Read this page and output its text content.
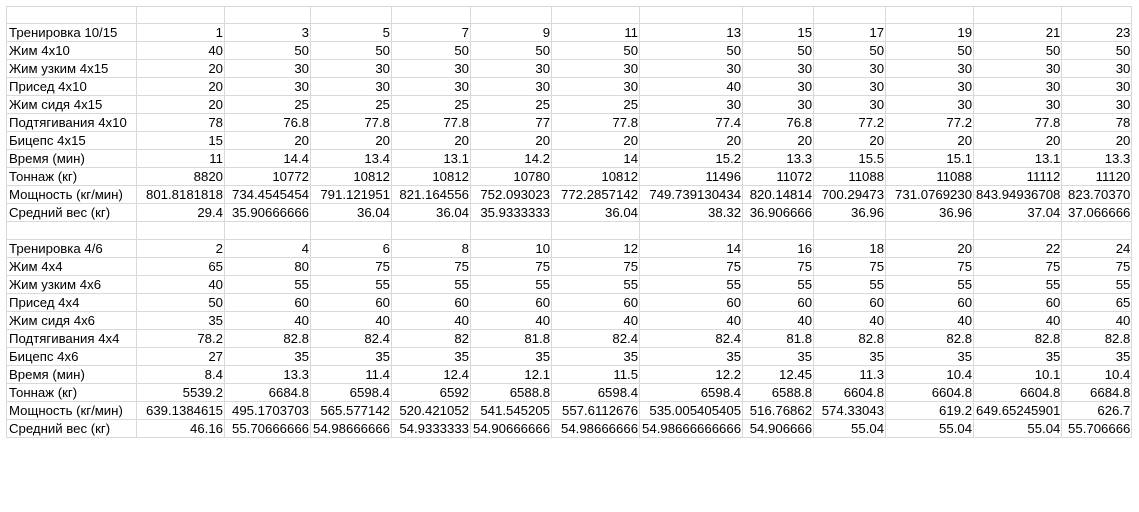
Тренировка 10/15	1	3	5	7	9	11	13	15	17	19	21	23
Жим 4x10	40	50	50	50	50	50	50	50	50	50	50	50
Жим узким 4x15	20	30	30	30	30	30	30	30	30	30	30	30
Присед 4x10	20	30	30	30	30	30	40	30	30	30	30	30
Жим сидя 4x15	20	25	25	25	25	25	30	30	30	30	30	30
Подтягивания 4x10	78	76.8	77.8	77.8	77	77.8	77.4	76.8	77.2	77.2	77.8	78
Бицепс 4x15	15	20	20	20	20	20	20	20	20	20	20	20
Время (мин)	11	14.4	13.4	13.1	14.2	14	15.2	13.3	15.5	15.1	13.1	13.3
Тоннаж (кг)	8820	10772	10812	10812	10780	10812	11496	11072	11088	11088	11112	11120
Мощность (кг/мин)	801.8181818	734.4545454	791.121951	821.164556	752.093023	772.2857142	749.739130434	820.14814	700.29473	731.0769230	843.94936708	823.70370
Средний вес (кг)	29.4	35.90666666	36.04	36.04	35.9333333	36.04	38.32	36.906666	36.96	36.96	37.04	37.066666

Тренировка 4/6	2	4	6	8	10	12	14	16	18	20	22	24
Жим 4x4	65	80	75	75	75	75	75	75	75	75	75	75
Жим узким 4x6	40	55	55	55	55	55	55	55	55	55	55	55
Присед 4x4	50	60	60	60	60	60	60	60	60	60	60	65
Жим сидя 4x6	35	40	40	40	40	40	40	40	40	40	40	40
Подтягивания 4x4	78.2	82.8	82.4	82	81.8	82.4	82.4	81.8	82.8	82.8	82.8	82.8
Бицепс 4x6	27	35	35	35	35	35	35	35	35	35	35	35
Время (мин)	8.4	13.3	11.4	12.4	12.1	11.5	12.2	12.45	11.3	10.4	10.1	10.4
Тоннаж (кг)	5539.2	6684.8	6598.4	6592	6588.8	6598.4	6598.4	6588.8	6604.8	6604.8	6604.8	6684.8
Мощность (кг/мин)	639.1384615	495.1703703	565.577142	520.421052	541.545205	557.6112676	535.005405405	516.76862	574.33043	619.2	649.65245901	626.7
Средний вес (кг)	46.16	55.70666666	54.98666666	54.9333333	54.90666666	54.98666666	54.98666666666	54.906666	55.04	55.04	55.04	55.706666
